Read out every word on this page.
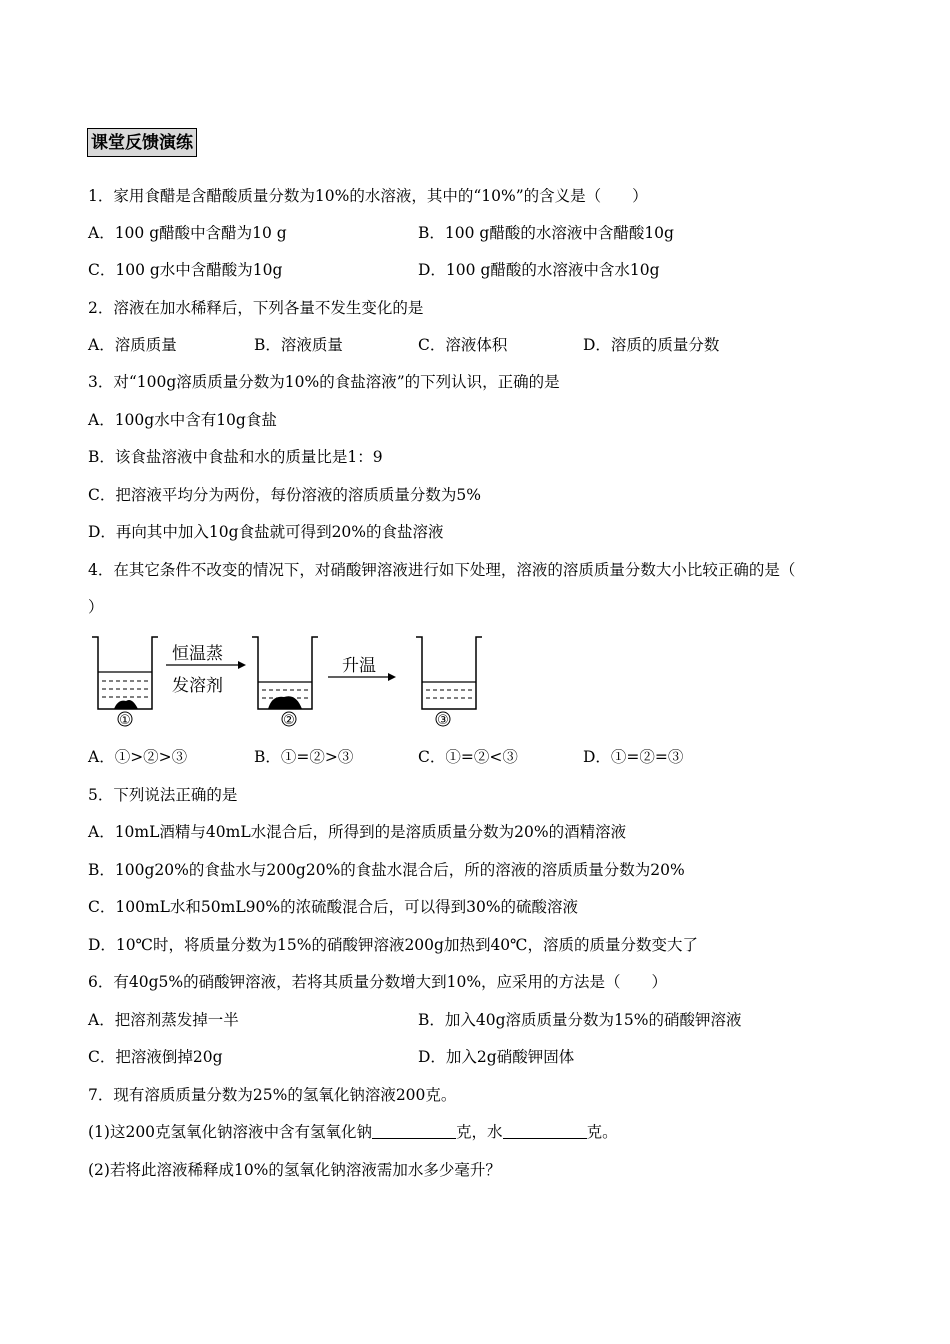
课堂反馈演练
1．家用食醋是含醋酸质量分数为10%的水溶液，其中的“10%”的含义是（　　）
A．100 g醋酸中含醋为10 g	B．100 g醋酸的水溶液中含醋酸10g
C．100 g水中含醋酸为10g	D．100 g醋酸的水溶液中含水10g
2．溶液在加水稀释后，下列各量不发生变化的是
A．溶质质量	B．溶液质量	C．溶液体积	D．溶质的质量分数
3．对“100g溶质质量分数为10%的食盐溶液”的下列认识，正确的是
A．100g水中含有10g食盐
B．该食盐溶液中食盐和水的质量比是1：9
C．把溶液平均分为两份，每份溶液的溶质质量分数为5%
D．再向其中加入10g食盐就可得到20%的食盐溶液
4．在其它条件不改变的情况下，对硝酸钾溶液进行如下处理，溶液的溶质质量分数大小比较正确的是（
）
①
恒温蒸
发溶剂
②
升温
③
A．①>②>③	B．①=②>③	C．①=②<③	D．①=②=③
5．下列说法正确的是
A．10mL酒精与40mL水混合后，所得到的是溶质质量分数为20%的酒精溶液
B．100g20%的食盐水与200g20%的食盐水混合后，所的溶液的溶质质量分数为20%
C．100mL水和50mL90%的浓硫酸混合后，可以得到30%的硫酸溶液
D．10℃时，将质量分数为15%的硝酸钾溶液200g加热到40℃，溶质的质量分数变大了
6．有40g5%的硝酸钾溶液，若将其质量分数增大到10%，应采用的方法是（　　）
A．把溶剂蒸发掉一半	B．加入40g溶质质量分数为15%的硝酸钾溶液
C．把溶液倒掉20g	D．加入2g硝酸钾固体
7．现有溶质质量分数为25%的氢氧化钠溶液200克。
(1)这200克氢氧化钠溶液中含有氢氧化钠	克，水	克。
(2)若将此溶液稀释成10%的氢氧化钠溶液需加水多少毫升？
